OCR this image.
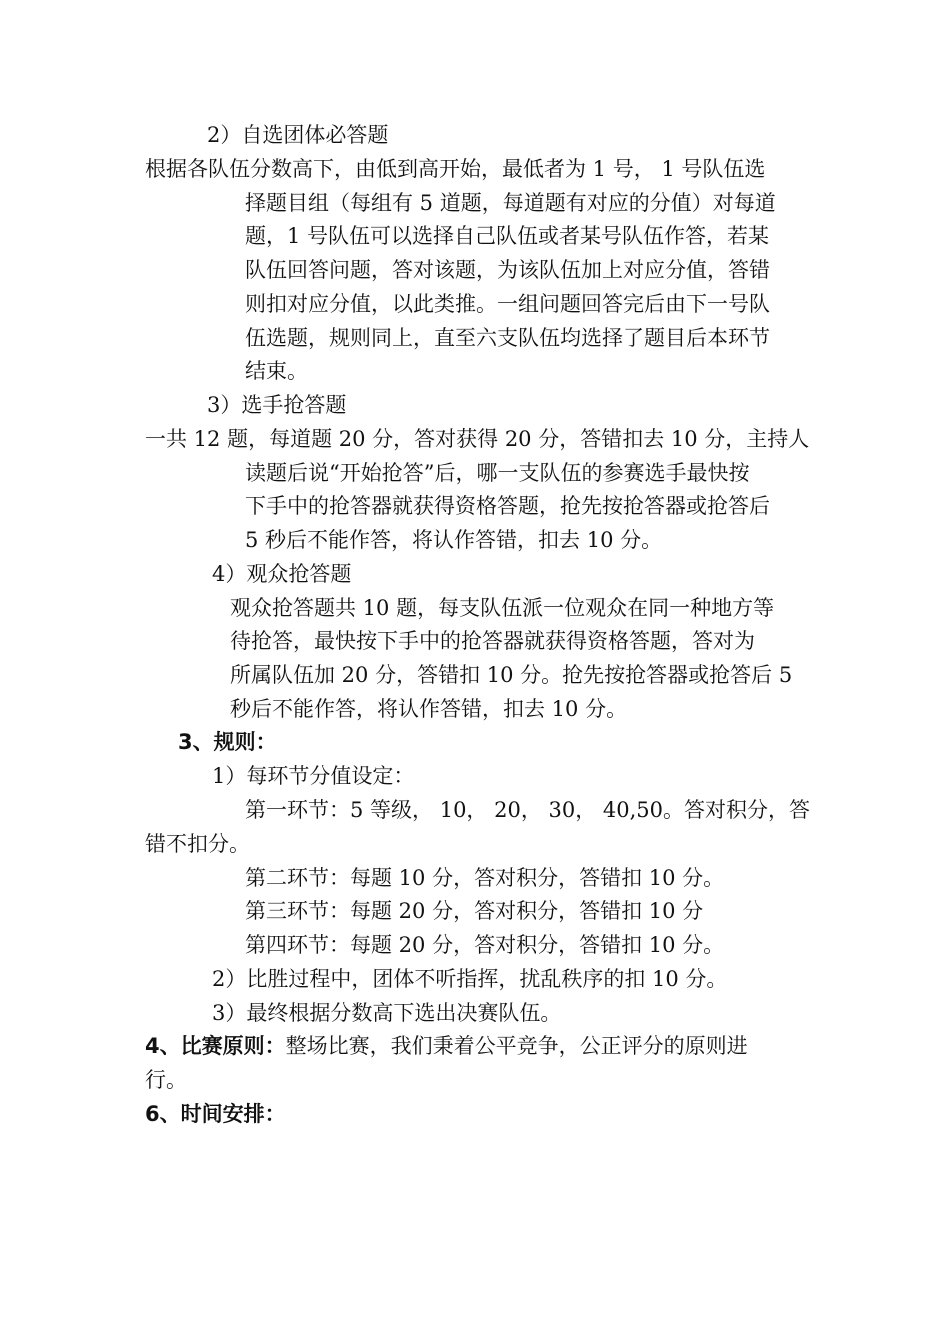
2）自选团体必答题
根据各队伍分数高下，由低到高开始，最低者为 1 号， 1 号队伍选
择题目组（每组有 5 道题，每道题有对应的分值）对每道
题，1 号队伍可以选择自己队伍或者某号队伍作答，若某
队伍回答问题，答对该题，为该队伍加上对应分值，答错
则扣对应分值，以此类推。一组问题回答完后由下一号队
伍选题，规则同上，直至六支队伍均选择了题目后本环节
结束。
3）选手抢答题
一共 12 题，每道题 20 分，答对获得 20 分，答错扣去 10 分，主持人
读题后说“开始抢答”后，哪一支队伍的参赛选手最快按
下手中的抢答器就获得资格答题，抢先按抢答器或抢答后
5 秒后不能作答，将认作答错，扣去 10 分。
4）观众抢答题
观众抢答题共 10 题，每支队伍派一位观众在同一种地方等
待抢答，最快按下手中的抢答器就获得资格答题，答对为
所属队伍加 20 分，答错扣 10 分。抢先按抢答器或抢答后 5
秒后不能作答，将认作答错，扣去 10 分。
3、规则：
1）每环节分值设定：
第一环节：5 等级， 10， 20， 30， 40,50。答对积分，答
错不扣分。
第二环节：每题 10 分，答对积分，答错扣 10 分。
第三环节：每题 20 分，答对积分，答错扣 10 分
第四环节：每题 20 分，答对积分，答错扣 10 分。
2）比胜过程中，团体不听指挥，扰乱秩序的扣 10 分。
3）最终根据分数高下选出决赛队伍。
4、比赛原则：整场比赛，我们秉着公平竞争，公正评分的原则进
行。
6、时间安排：
